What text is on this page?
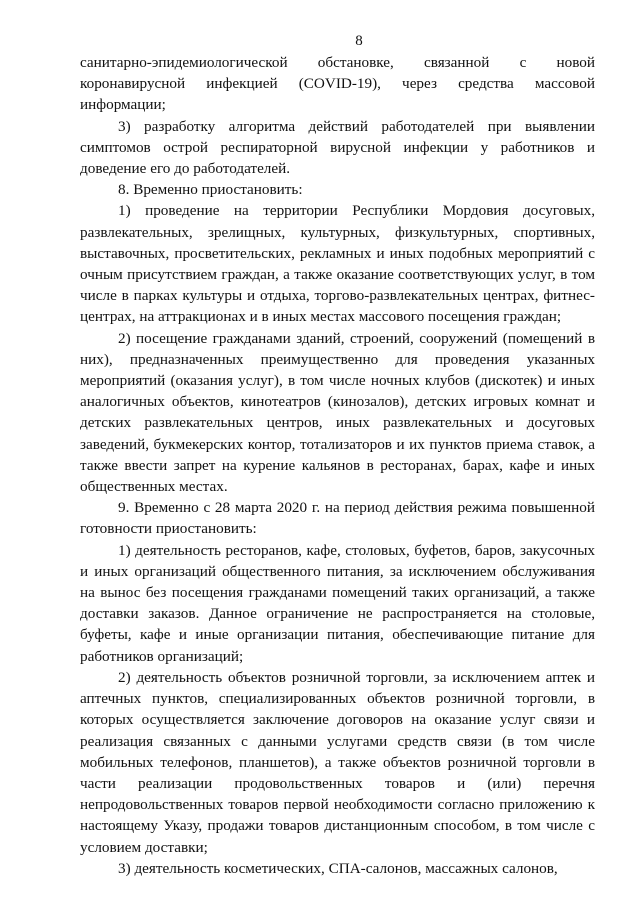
8

санитарно-эпидемиологической обстановке, связанной с новой коронавирусной инфекцией (COVID-19), через средства массовой информации;

3) разработку алгоритма действий работодателей при выявлении симптомов острой респираторной вирусной инфекции у работников и доведение его до работодателей.

8. Временно приостановить:

1) проведение на территории Республики Мордовия досуговых, развлекательных, зрелищных, культурных, физкультурных, спортивных, выставочных, просветительских, рекламных и иных подобных мероприятий с очным присутствием граждан, а также оказание соответствующих услуг, в том числе в парках культуры и отдыха, торгово-развлекательных центрах, фитнес-центрах, на аттракционах и в иных местах массового посещения граждан;

2) посещение гражданами зданий, строений, сооружений (помещений в них), предназначенных преимущественно для проведения указанных мероприятий (оказания услуг), в том числе ночных клубов (дискотек) и иных аналогичных объектов, кинотеатров (кинозалов), детских игровых комнат и детских развлекательных центров, иных развлекательных и досуговых заведений, букмекерских контор, тотализаторов и их пунктов приема ставок, а также ввести запрет на курение кальянов в ресторанах, барах, кафе и иных общественных местах.

9. Временно с 28 марта 2020 г. на период действия режима повышенной готовности приостановить:

1) деятельность ресторанов, кафе, столовых, буфетов, баров, закусочных и иных организаций общественного питания, за исключением обслуживания на вынос без посещения гражданами помещений таких организаций, а также доставки заказов. Данное ограничение не распространяется на столовые, буфеты, кафе и иные организации питания, обеспечивающие питание для работников организаций;

2) деятельность объектов розничной торговли, за исключением аптек и аптечных пунктов, специализированных объектов розничной торговли, в которых осуществляется заключение договоров на оказание услуг связи и реализация связанных с данными услугами средств связи (в том числе мобильных телефонов, планшетов), а также объектов розничной торговли в части реализации продовольственных товаров и (или) перечня непродовольственных товаров первой необходимости согласно приложению к настоящему Указу, продажи товаров дистанционным способом, в том числе с условием доставки;

3) деятельность косметических, СПА-салонов, массажных салонов,
